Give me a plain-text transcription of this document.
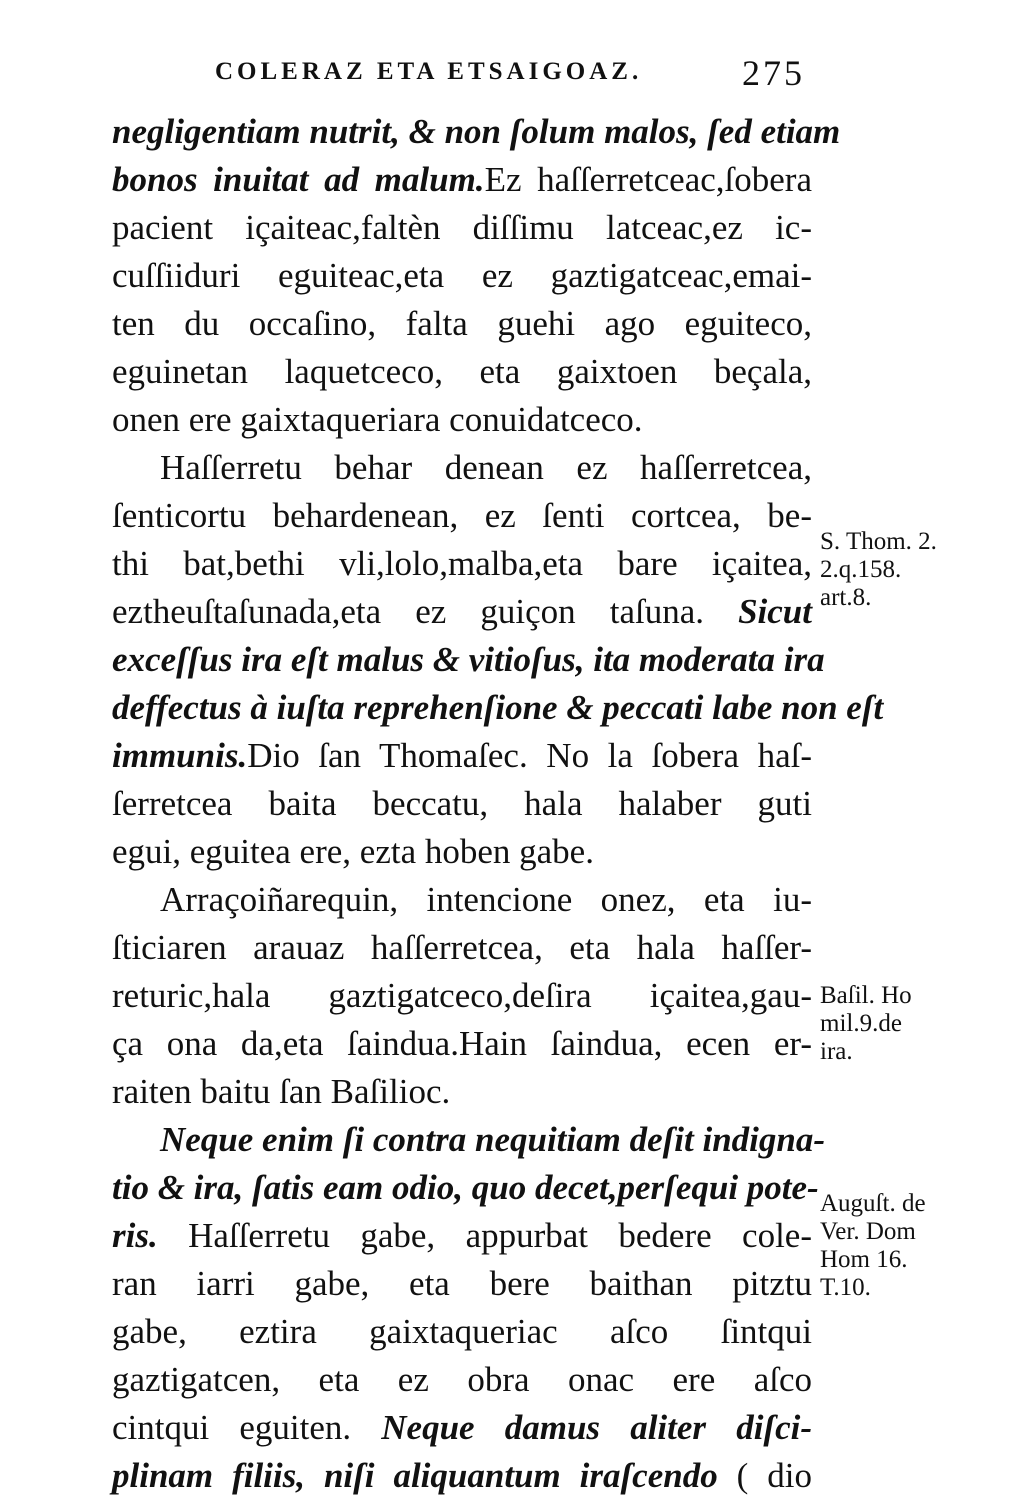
COLERAZ ETA ETSAIGOAZ.	275
negligentiam nutrit, & non ſolum malos, ſed etiam
bonos inuitat ad malum.Ez haſſerretceac,ſobera
pacient içaiteac,faltèn diſſimu latceac,ez ic-
cuſſiiduri eguiteac,eta ez gaztigatceac,emai-
ten du occaſino, falta guehi ago eguiteco,
eguinetan laquetceco, eta gaixtoen beçala,
onen ere gaixtaqueriara conuidatceco.
Haſſerretu behar denean ez haſſerretcea,
ſenticortu behardenean, ez ſenti cortcea, be-
thi bat,bethi vli,lolo,malba,eta bare içaitea,
eztheuſtaſunada,eta ez guiçon taſuna. Sicut
exceſſus ira eſt malus & vitioſus, ita moderata ira
deffectus à iuſta reprehenſione & peccati labe non eſt
immunis.Dio ſan Thomaſec. No la ſobera haſ-
ſerretcea baita beccatu, hala halaber guti
egui, eguitea ere, ezta hoben gabe.
Arraçoiñarequin, intencione onez, eta iu-
ſticiaren arauaz haſſerretcea, eta hala haſſer-
returic,hala gaztigatceco,deſira içaitea,gau-
ça ona da,eta ſaindua.Hain ſaindua, ecen er-
raiten baitu ſan Baſilioc.
Neque enim ſi contra nequitiam deſit indigna-
tio & ira, ſatis eam odio, quo decet,perſequi pote-
ris. Haſſerretu gabe, appurbat bedere cole-
ran iarri gabe, eta bere baithan pitztu
gabe, eztira gaixtaqueriac aſco ſintqui
gaztigatcen, eta ez obra onac ere aſco
cintqui eguiten. Neque damus aliter diſci-
plinam filiis, niſi aliquantum iraſcendo ( dio
S. Thom. 2.
2.q.158.
art.8.
Baſil. Ho
mil.9.de
ira.
Auguſt. de
Ver. Dom
Hom 16.
T.10.
